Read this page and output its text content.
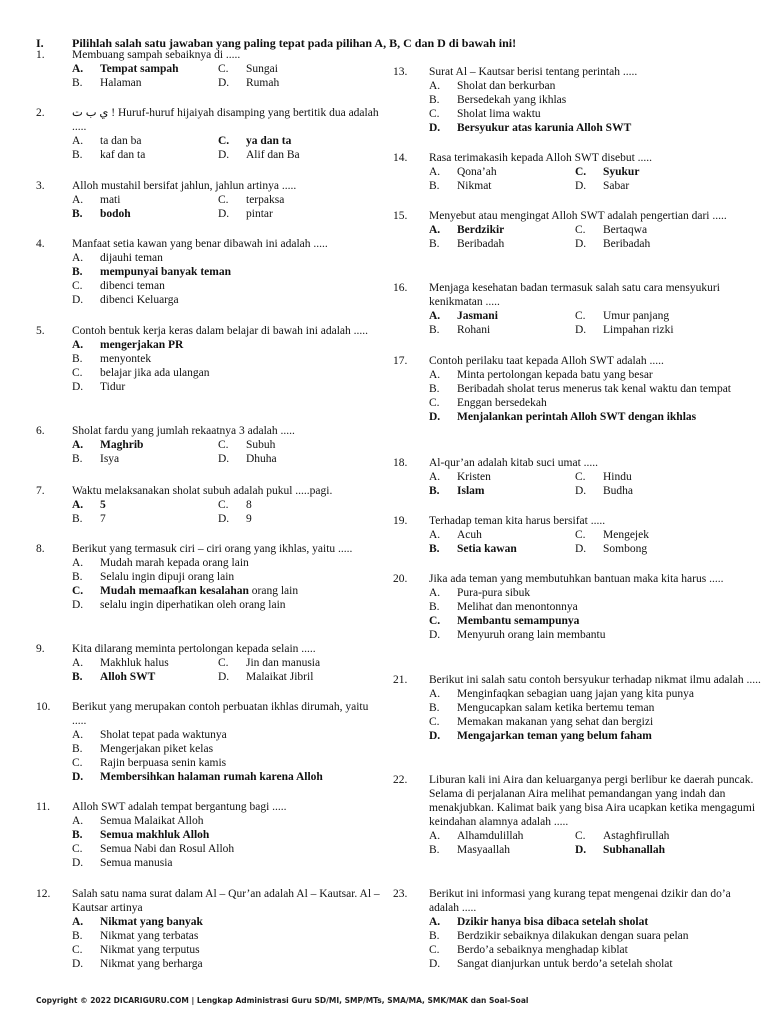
I. Pilihlah salah satu jawaban yang paling tepat pada pilihan A, B, C dan D di bawah ini!
1.	Membuang sampah sebaiknya di .....
A.	Tempat sampah	C.	Sungai
B.	Halaman	D.	Rumah
2.	ي ب ت ! Huruf-huruf hijaiyah disamping yang bertitik dua adalah .....
A.	ta dan ba	C.	ya dan ta
B.	kaf dan ta	D.	Alif dan Ba
3.	Alloh mustahil bersifat jahlun, jahlun artinya .....
A.	mati	C.	terpaksa
B.	bodoh	D.	pintar
4.	Manfaat setia kawan yang benar dibawah ini adalah .....
A.	dijauhi teman
B.	mempunyai banyak teman
C.	dibenci teman
D.	dibenci Keluarga
5.	Contoh bentuk kerja keras dalam belajar di bawah ini adalah .....
A.	mengerjakan PR
B.	menyontek
C.	belajar jika ada ulangan
D.	Tidur
6.	Sholat fardu yang jumlah rekaatnya 3 adalah .....
A.	Maghrib	C.	Subuh
B.	Isya	D.	Dhuha
7.	Waktu melaksanakan sholat subuh adalah pukul .....pagi.
A.	5	C.	8
B.	7	D.	9
8.	Berikut yang termasuk ciri – ciri orang yang ikhlas, yaitu .....
A.	Mudah marah kepada orang lain
B.	Selalu ingin dipuji orang lain
C.	Mudah memaafkan kesalahan orang lain
D.	selalu ingin diperhatikan oleh orang lain
9.	Kita dilarang meminta pertolongan kepada selain .....
A.	Makhluk halus	C.	Jin dan manusia
B.	Alloh SWT	D.	Malaikat Jibril
10.	Berikut yang merupakan contoh perbuatan ikhlas dirumah, yaitu .....
A.	Sholat tepat pada waktunya
B.	Mengerjakan piket kelas
C.	Rajin berpuasa senin kamis
D.	Membersihkan halaman rumah karena Alloh
11.	Alloh SWT adalah tempat bergantung bagi .....
A.	Semua Malaikat Alloh
B.	Semua makhluk Alloh
C.	Semua Nabi dan Rosul Alloh
D.	Semua manusia
12.	Salah satu nama surat dalam Al – Qur’an adalah Al – Kautsar. Al – Kautsar artinya
A.	Nikmat yang banyak
B.	Nikmat yang terbatas
C.	Nikmat yang terputus
D.	Nikmat yang berharga
13.	Surat Al – Kautsar berisi tentang perintah .....
A.	Sholat dan berkurban
B.	Bersedekah yang ikhlas
C.	Sholat lima waktu
D.	Bersyukur atas karunia Alloh SWT
14.	Rasa terimakasih kepada Alloh SWT disebut .....
A.	Qona’ah	C.	Syukur
B.	Nikmat	D.	Sabar
15.	Menyebut atau mengingat Alloh SWT adalah pengertian dari .....
A.	Berdzikir	C.	Bertaqwa
B.	Beribadah	D.	Beribadah
16.	Menjaga kesehatan badan termasuk salah satu cara mensyukuri kenikmatan .....
A.	Jasmani	C.	Umur panjang
B.	Rohani	D.	Limpahan rizki
17.	Contoh perilaku taat kepada Alloh SWT adalah .....
A.	Minta pertolongan kepada batu yang besar
B.	Beribadah sholat terus menerus tak kenal waktu dan tempat
C.	Enggan bersedekah
D.	Menjalankan perintah Alloh SWT dengan ikhlas
18.	Al-qur’an adalah kitab suci umat .....
A.	Kristen	C.	Hindu
B.	Islam	D.	Budha
19.	Terhadap teman kita harus bersifat .....
A.	Acuh	C.	Mengejek
B.	Setia kawan	D.	Sombong
20.	Jika ada teman yang membutuhkan bantuan maka kita harus .....
A.	Pura-pura sibuk
B.	Melihat dan menontonnya
C.	Membantu semampunya
D.	Menyuruh orang lain membantu
21.	Berikut ini salah satu contoh bersyukur terhadap nikmat ilmu adalah .....
A.	Menginfaqkan sebagian uang jajan yang kita punya
B.	Mengucapkan salam ketika bertemu teman
C.	Memakan makanan yang sehat dan bergizi
D.	Mengajarkan teman yang belum faham
22.	Liburan kali ini Aira dan keluarganya pergi berlibur ke daerah puncak. Selama di perjalanan Aira melihat pemandangan yang indah dan menakjubkan. Kalimat baik yang bisa Aira ucapkan ketika mengagumi keindahan alamnya adalah .....
A.	Alhamdulillah	C.	Astaghfirullah
B.	Masyaallah	D.	Subhanallah
23.	Berikut ini informasi yang kurang tepat mengenai dzikir dan do’a adalah .....
A.	Dzikir hanya bisa dibaca setelah sholat
B.	Berdzikir sebaiknya dilakukan dengan suara pelan
C.	Berdo’a sebaiknya menghadap kiblat
D.	Sangat dianjurkan untuk berdo’a setelah sholat
Copyright © 2022 DICARIGURU.COM | Lengkap Administrasi Guru SD/MI, SMP/MTs, SMA/MA, SMK/MAK dan Soal-Soal
